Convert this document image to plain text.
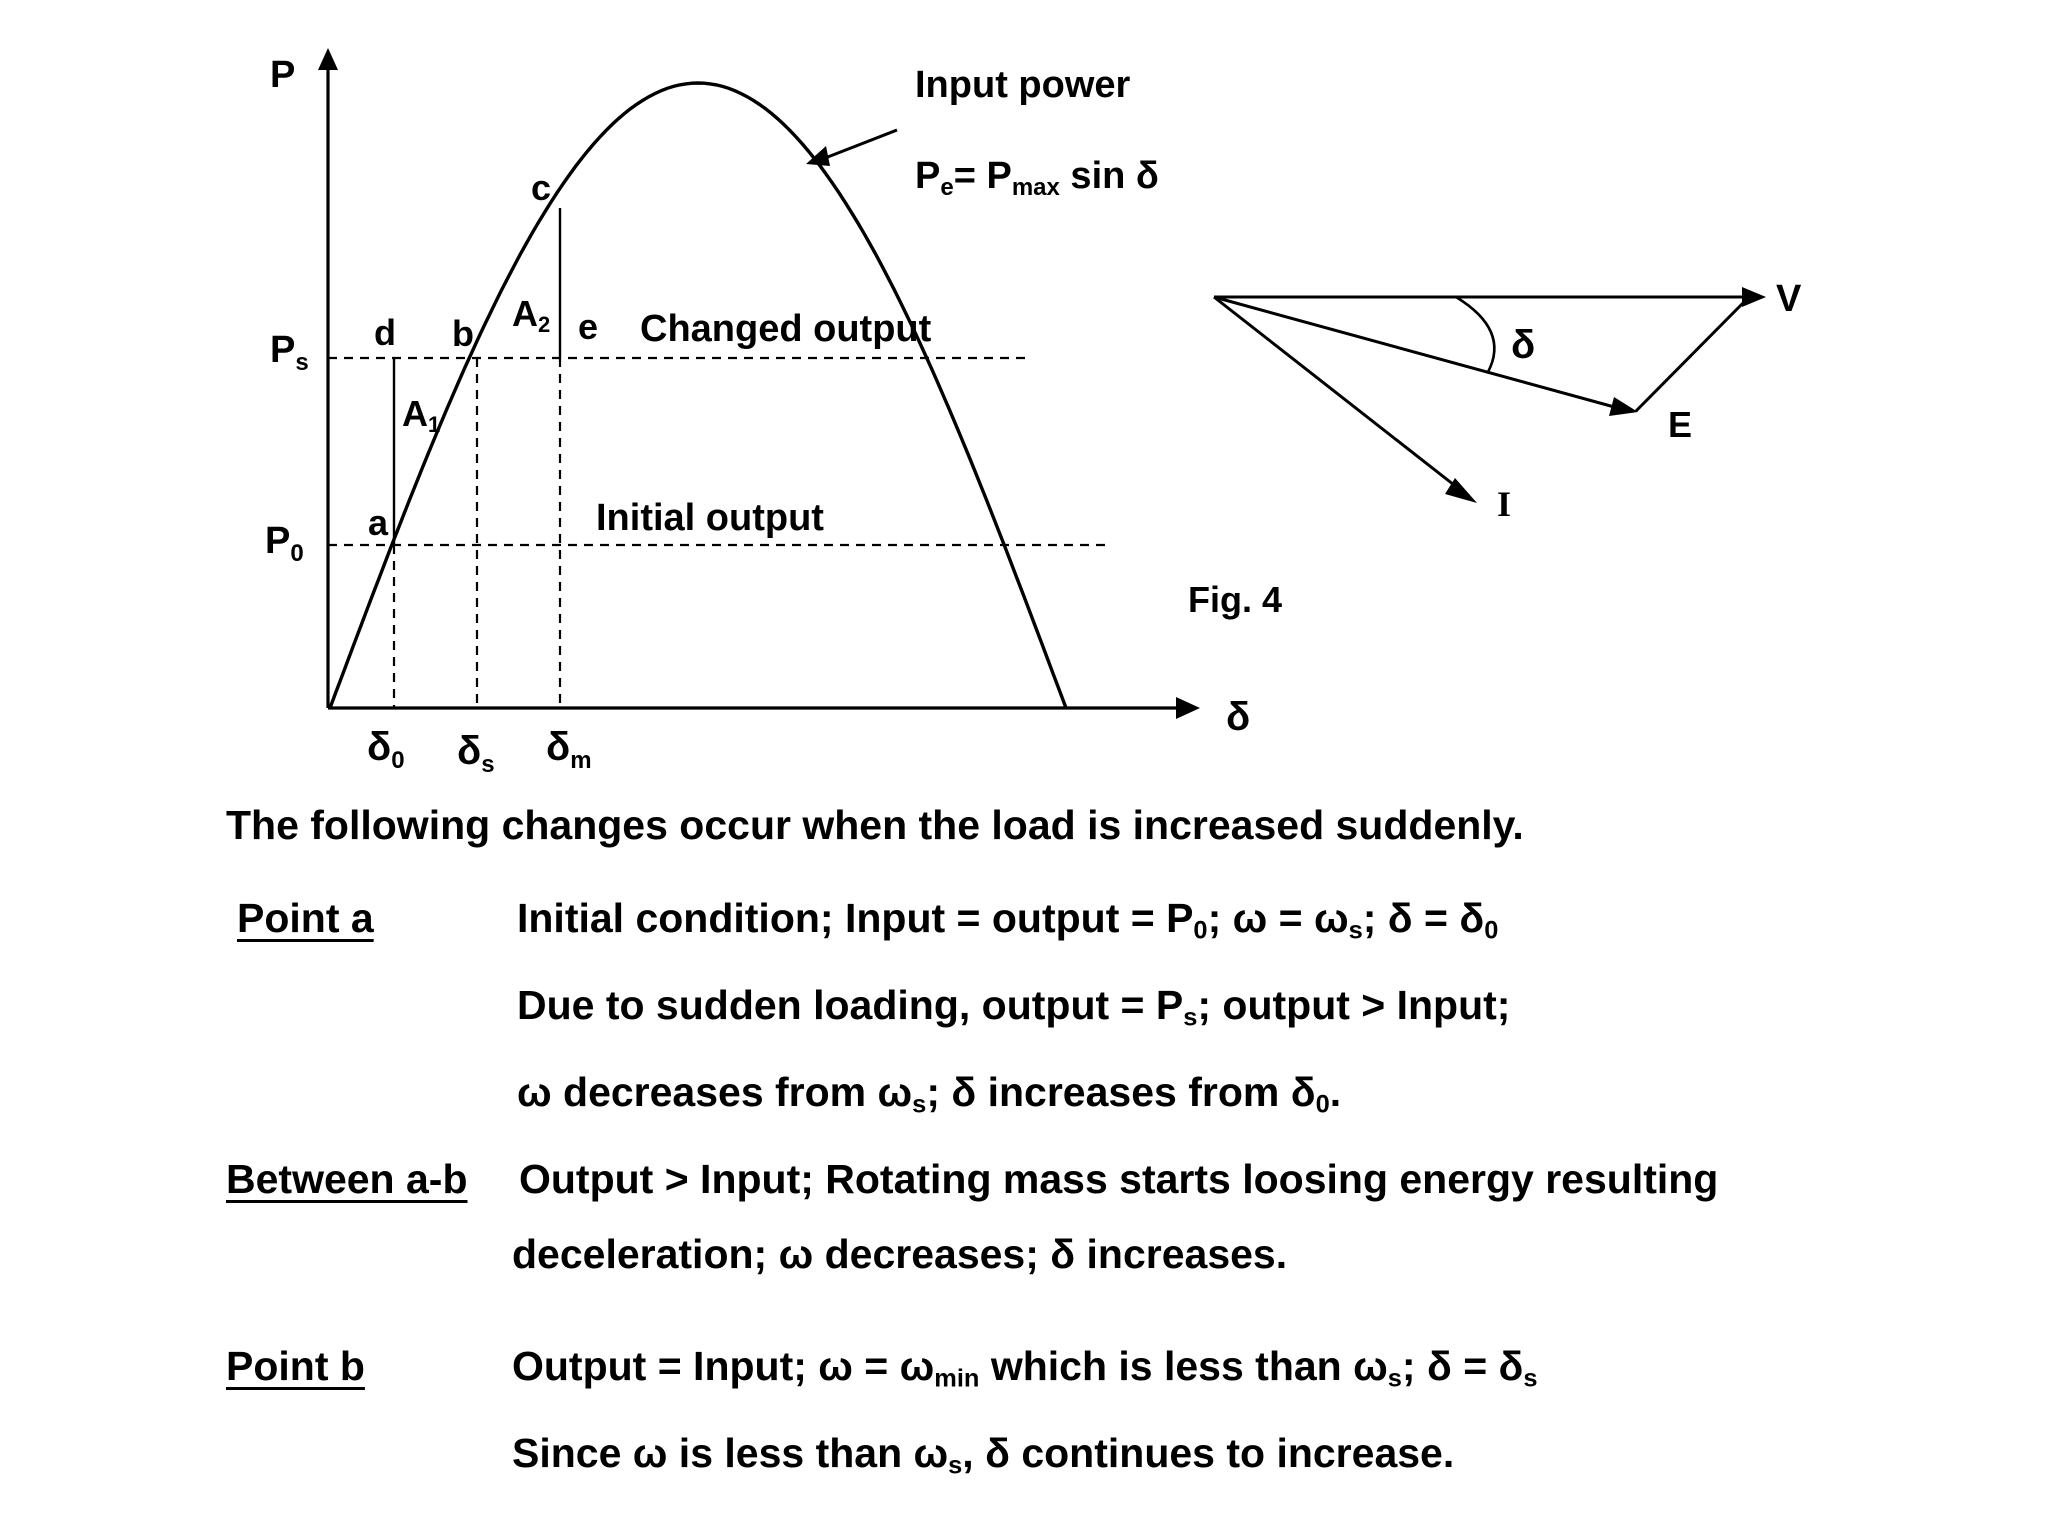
P
δ
$P_s$
$P_0$
$\delta_0$ $\delta_s$ $\delta_m$
a
b
c
d	e
A1
A2
Input power
Pe= Pmax sin δ
Changed output
Initial output
Fig. 4
V
E
I
δ
The following changes occur when the load is increased suddenly.
Point a	Initial condition; Input = output = $P_0$; $\omega = \omega_s$; $\delta = \delta_0$
Due to sudden loading, output = $P_s$; output > Input;
ω decreases from $\omega_s$; δ increases from $\delta_0$.
Between a-b Output > Input; Rotating mass starts loosing energy resulting
deceleration; ω decreases; δ increases.
Point b	Output = Input; $\omega = \omega_{min}$ which is less than $\omega_s$; $\delta = \delta_s$
Since ω is less than $\omega_s$, δ continues to increase.
